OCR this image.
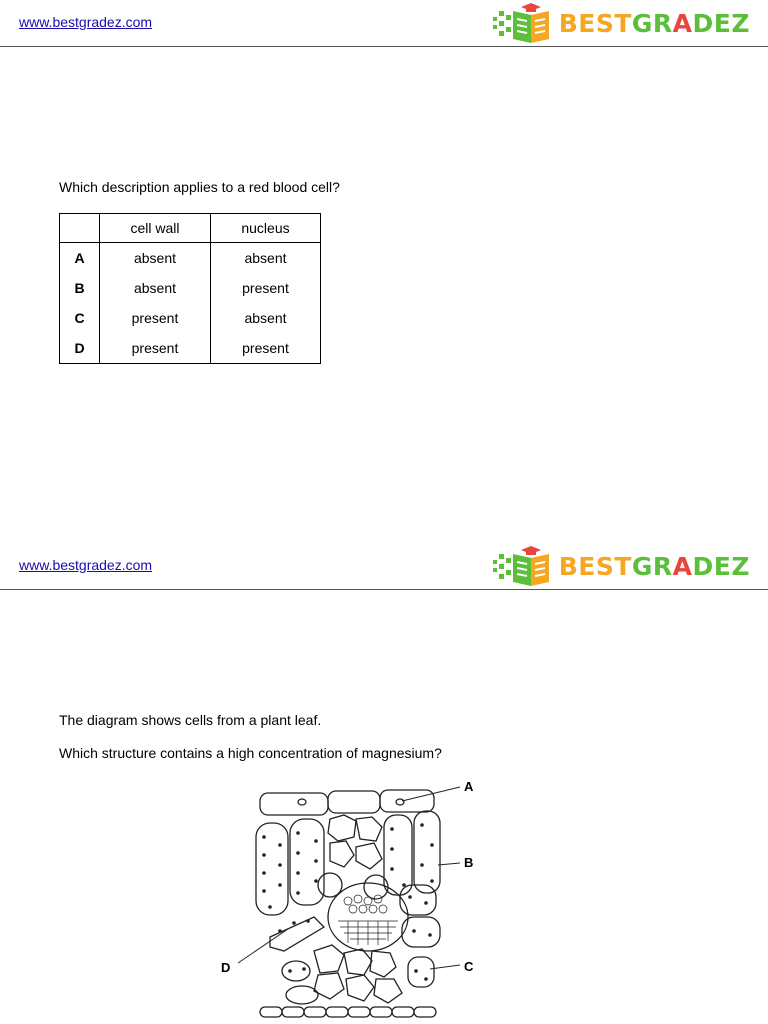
www.bestgradez.com	BESTGRADEZ
Which description applies to a red blood cell?
	cell wall	nucleus
A	absent	absent
B	absent	present
C	present	absent
D	present	present
www.bestgradez.com	BESTGRADEZ
The diagram shows cells from a plant leaf.
Which structure contains a high concentration of magnesium?
A
B
C
D
